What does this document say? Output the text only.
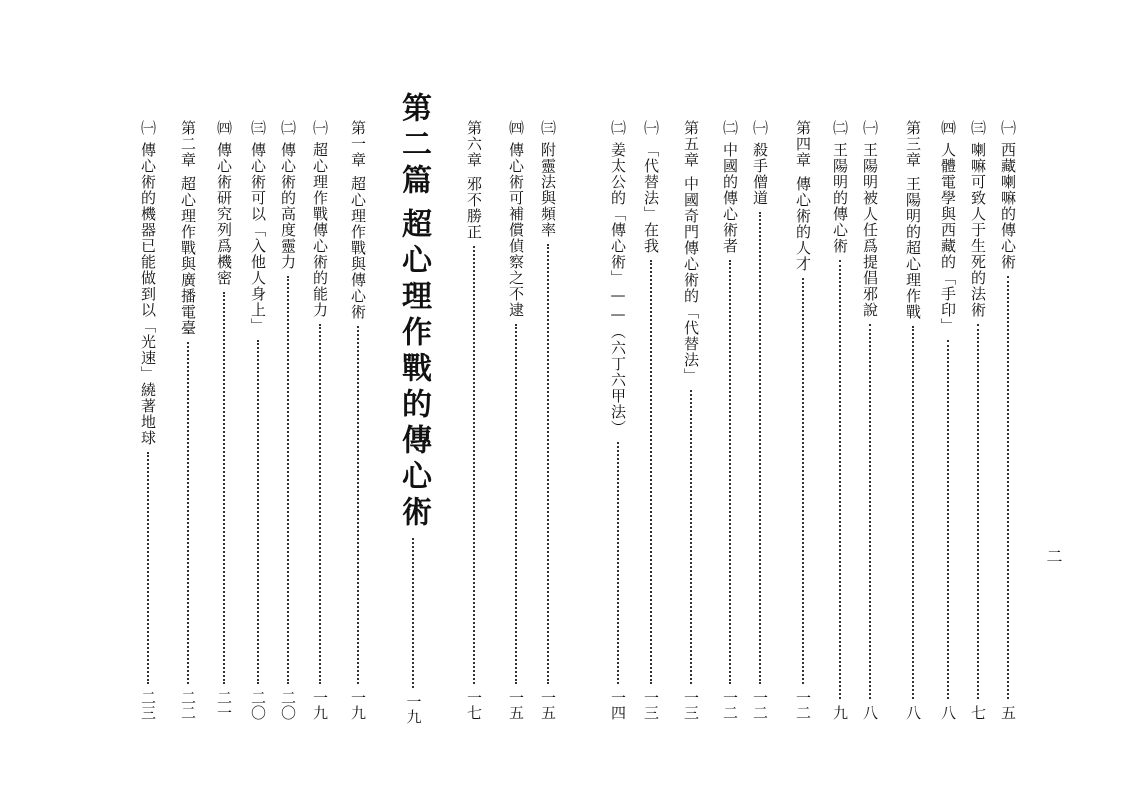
㈠
西藏喇嘛的傳心術
五
㈢
喇嘛可致人于生死的法術
七
㈣
人體電學與西藏的「手印」
八
第三章
王陽明的超心理作戰
八
㈠
王陽明被人任爲提倡邪說
八
㈡
王陽明的傳心術
九
第四章
傳心術的人才
一二
㈠
殺手僧道
一二
㈡
中國的傳心術者
一二
第五章
中國奇門傳心術的「代替法」
一三
㈠
「代替法」在我
一三
㈡
姜太公的「傳心術」——（六丁六甲法）
一四
㈢
附靈法與頻率
一五
㈣
傳心術可補償偵察之不逮
一五
第六章
邪不勝正
一七
第二篇
超心理作戰的傳心術
一九
第一章
超心理作戰與傳心術
一九
㈠
超心理作戰傳心術的能力
一九
㈡
傳心術的高度靈力
二〇
㈢
傳心術可以「入他人身上」
二〇
㈣
傳心術研究列爲機密
二一
第二章
超心理作戰與廣播電臺
二二
㈠
傳心術的機器已能做到以「光速」繞著地球
二三
二
